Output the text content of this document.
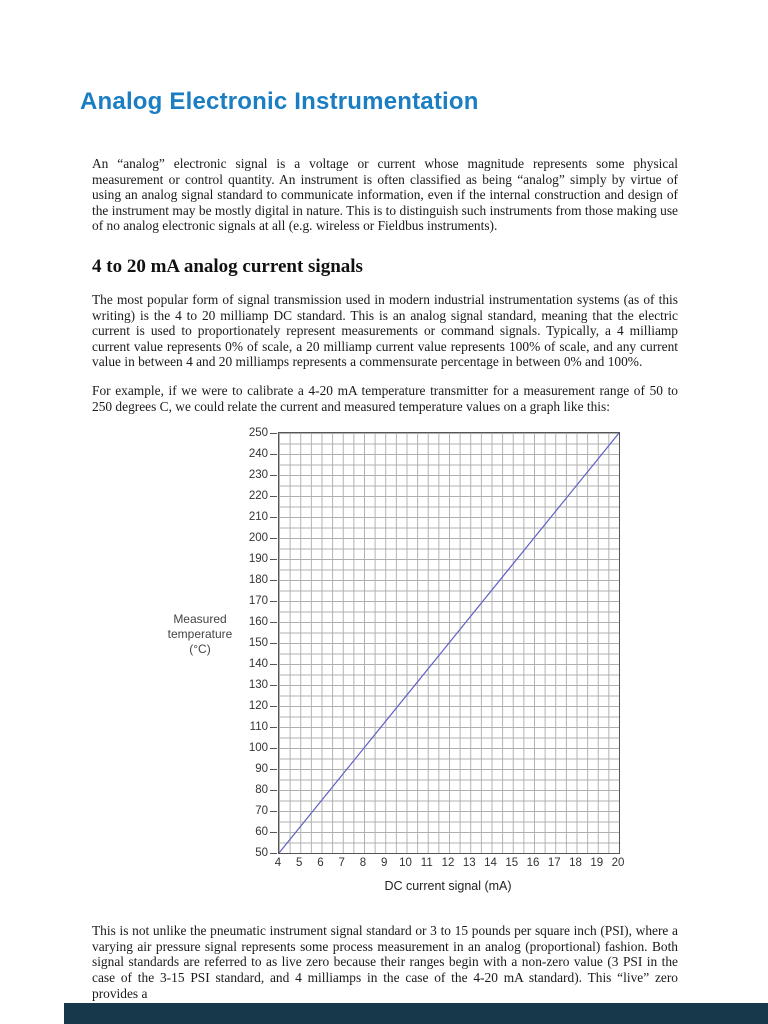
Analog Electronic Instrumentation

An “analog” electronic signal is a voltage or current whose magnitude represents some physical measurement or control quantity. An instrument is often classified as being “analog” simply by virtue of using an analog signal standard to communicate information, even if the internal construction and design of the instrument may be mostly digital in nature. This is to distinguish such instruments from those making use of no analog electronic signals at all (e.g. wireless or Fieldbus instruments).

4 to 20 mA analog current signals

The most popular form of signal transmission used in modern industrial instrumentation systems (as of this writing) is the 4 to 20 milliamp DC standard. This is an analog signal standard, meaning that the electric current is used to proportionately represent measurements or command signals. Typically, a 4 milliamp current value represents 0% of scale, a 20 milliamp current value represents 100% of scale, and any current value in between 4 and 20 milliamps represents a commensurate percentage in between 0% and 100%.

For example, if we were to calibrate a 4-20 mA temperature transmitter for a measurement range of 50 to 250 degrees C, we could relate the current and measured temperature values on a graph like this:

Measured
temperature
(°C)
250
240
230
220
210
200
190
180
170
160
150
140
130
120
110
100
90
80
70
60
50
4 5 6 7 8 9 10 11 12 13 14 15 16 17 18 19 20
DC current signal (mA)

This is not unlike the pneumatic instrument signal standard or 3 to 15 pounds per square inch (PSI), where a varying air pressure signal represents some process measurement in an analog (proportional) fashion. Both signal standards are referred to as live zero because their ranges begin with a non-zero value (3 PSI in the case of the 3-15 PSI standard, and 4 milliamps in the case of the 4-20 mA standard). This “live” zero provides a
